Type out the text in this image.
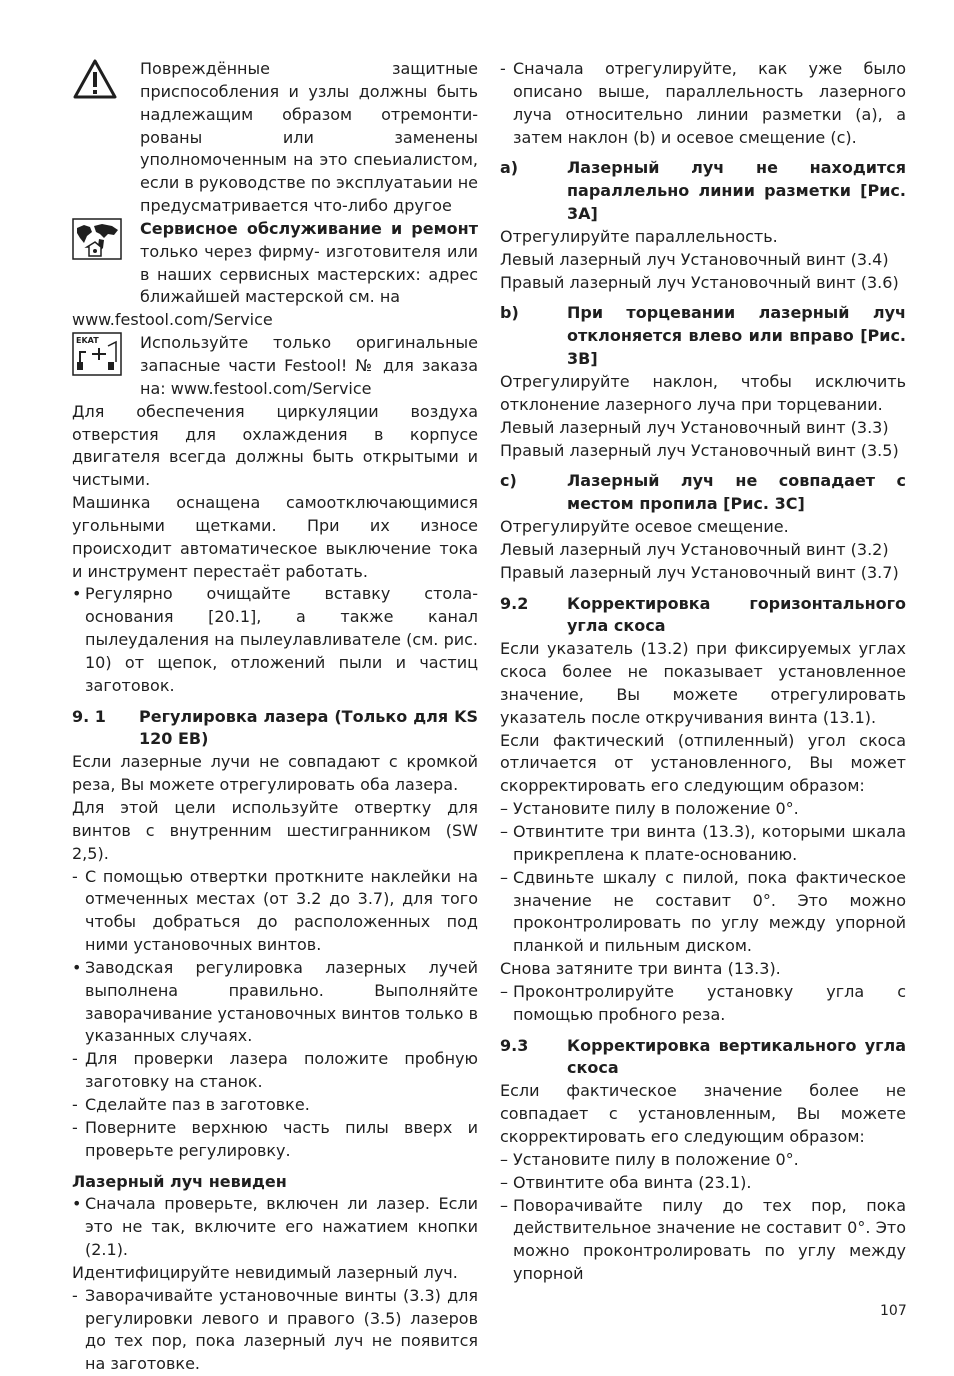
Повреждённые защитные приспособления и узлы должны быть надлежащим образом отремонти-рованы или заменены уполномоченным на это спеьиалистом, если в руководстве по эксплуатаьии не предусматривается что-либо другое

Сервисное обслуживание и ремонт только через фирму- изготовителя или в наших сервисных мастерских: адрес ближайшей мастерской см. на

www.festool.com/Service

EKAT	Используйте только оригинальные запасные части Festool! № для заказа на: www.festool.com/Service

Для обеспечения циркуляции воздуха отверстия для охлаждения в корпусе двигателя всегда должны быть открытыми и чистыми.

Машинка оснащена самоотключающимися угольными щетками. При их износе происходит автоматическое выключение тока и инструмент перестаёт работать.

• Регулярно очищайте вставку стола-основания [20.1], а также канал пылеудаления на пылеулавливателе (см. рис. 10) от щепок, отложений пыли и частиц заготовок.
9. 1	Регулировка лазера (Только для KS 120 EB)

Если лазерные лучи не совпадают с кромкой реза, Вы можете отрегулировать оба лазера.

Для этой цели используйте отвертку для винтов с внутренним шестигранником (SW 2,5).

- С помощью отвертки проткните наклейки на отмеченных местах (от 3.2 до 3.7), для того чтобы добраться до расположенных под ними установочных винтов.
• Заводская регулировка лазерных лучей выполнена правильно. Выполняйте заворачивание установочных винтов только в указанных случаях.
- Для проверки лазера положите пробную заготовку на станок.
- Сделайте паз в заготовке.
- Поверните верхнюю часть пилы вверх и проверьте регулировку.

Лазерный луч невиден

• Сначала проверьте, включен ли лазер. Если это не так, включите его нажатием кнопки (2.1).

Идентифицируйте невидимый лазерный луч.

- Заворачивайте установочные винты (3.3) для регулировки левого и правого (3.5) лазеров до тех пор, пока лазерный луч не появится на заготовке.
- Сначала отрегулируйте, как уже было описано выше, параллельность лазерного луча относительно линии разметки (a), а затем наклон (b) и осевое смещение (c).
a)	Лазерный луч не находится параллельно линии разметки [Рис. 3A]

Отрегулируйте параллельность.

Левый лазерный луч Установочный винт (3.4)

Правый лазерный луч Установочный винт (3.6)

b)	При торцевании лазерный луч отклоняется влево или вправо [Рис. 3B]

Отрегулируйте наклон, чтобы исключить отклонение лазерного луча при торцевании.

Левый лазерный луч Установочный винт (3.3)

Правый лазерный луч Установочный винт (3.5)

c)	Лазерный луч не совпадает с местом пропила [Рис. 3C]

Отрегулируйте осевое смещение.

Левый лазерный луч Установочный винт (3.2)

Правый лазерный луч Установочный винт (3.7)

9.2	Корректировка горизонтального угла скоса

Если указатель (13.2) при фиксируемых углах скоса более не показывает установленное значение, Вы можете отрегулировать указатель после откручивания винта (13.1).

Если фактический (отпиленный) угол скоса отличается от установленного, Вы может скорректировать его следующим образом:

– Установите пилу в положение 0°.
– Отвинтите три винта (13.3), которыми шкала прикреплена к плате-основанию.
– Сдвиньте шкалу с пилой, пока фактическое значение не составит 0°. Это можно проконтролировать по углу между упорной планкой и пильным диском.

Снова затяните три винта (13.3).

– Проконтролируйте установку угла с помощью пробного реза.
9.3	Корректировка вертикального угла скоса

Если фактическое значение более не совпадает с установленным, Вы можете скорректировать его следующим образом:

– Установите пилу в положение 0°.
– Отвинтите оба винта (23.1).
– Поворачивайте пилу до тех пор, пока действительное значение не составит 0°. Это можно проконтролировать по углу между упорной
107
